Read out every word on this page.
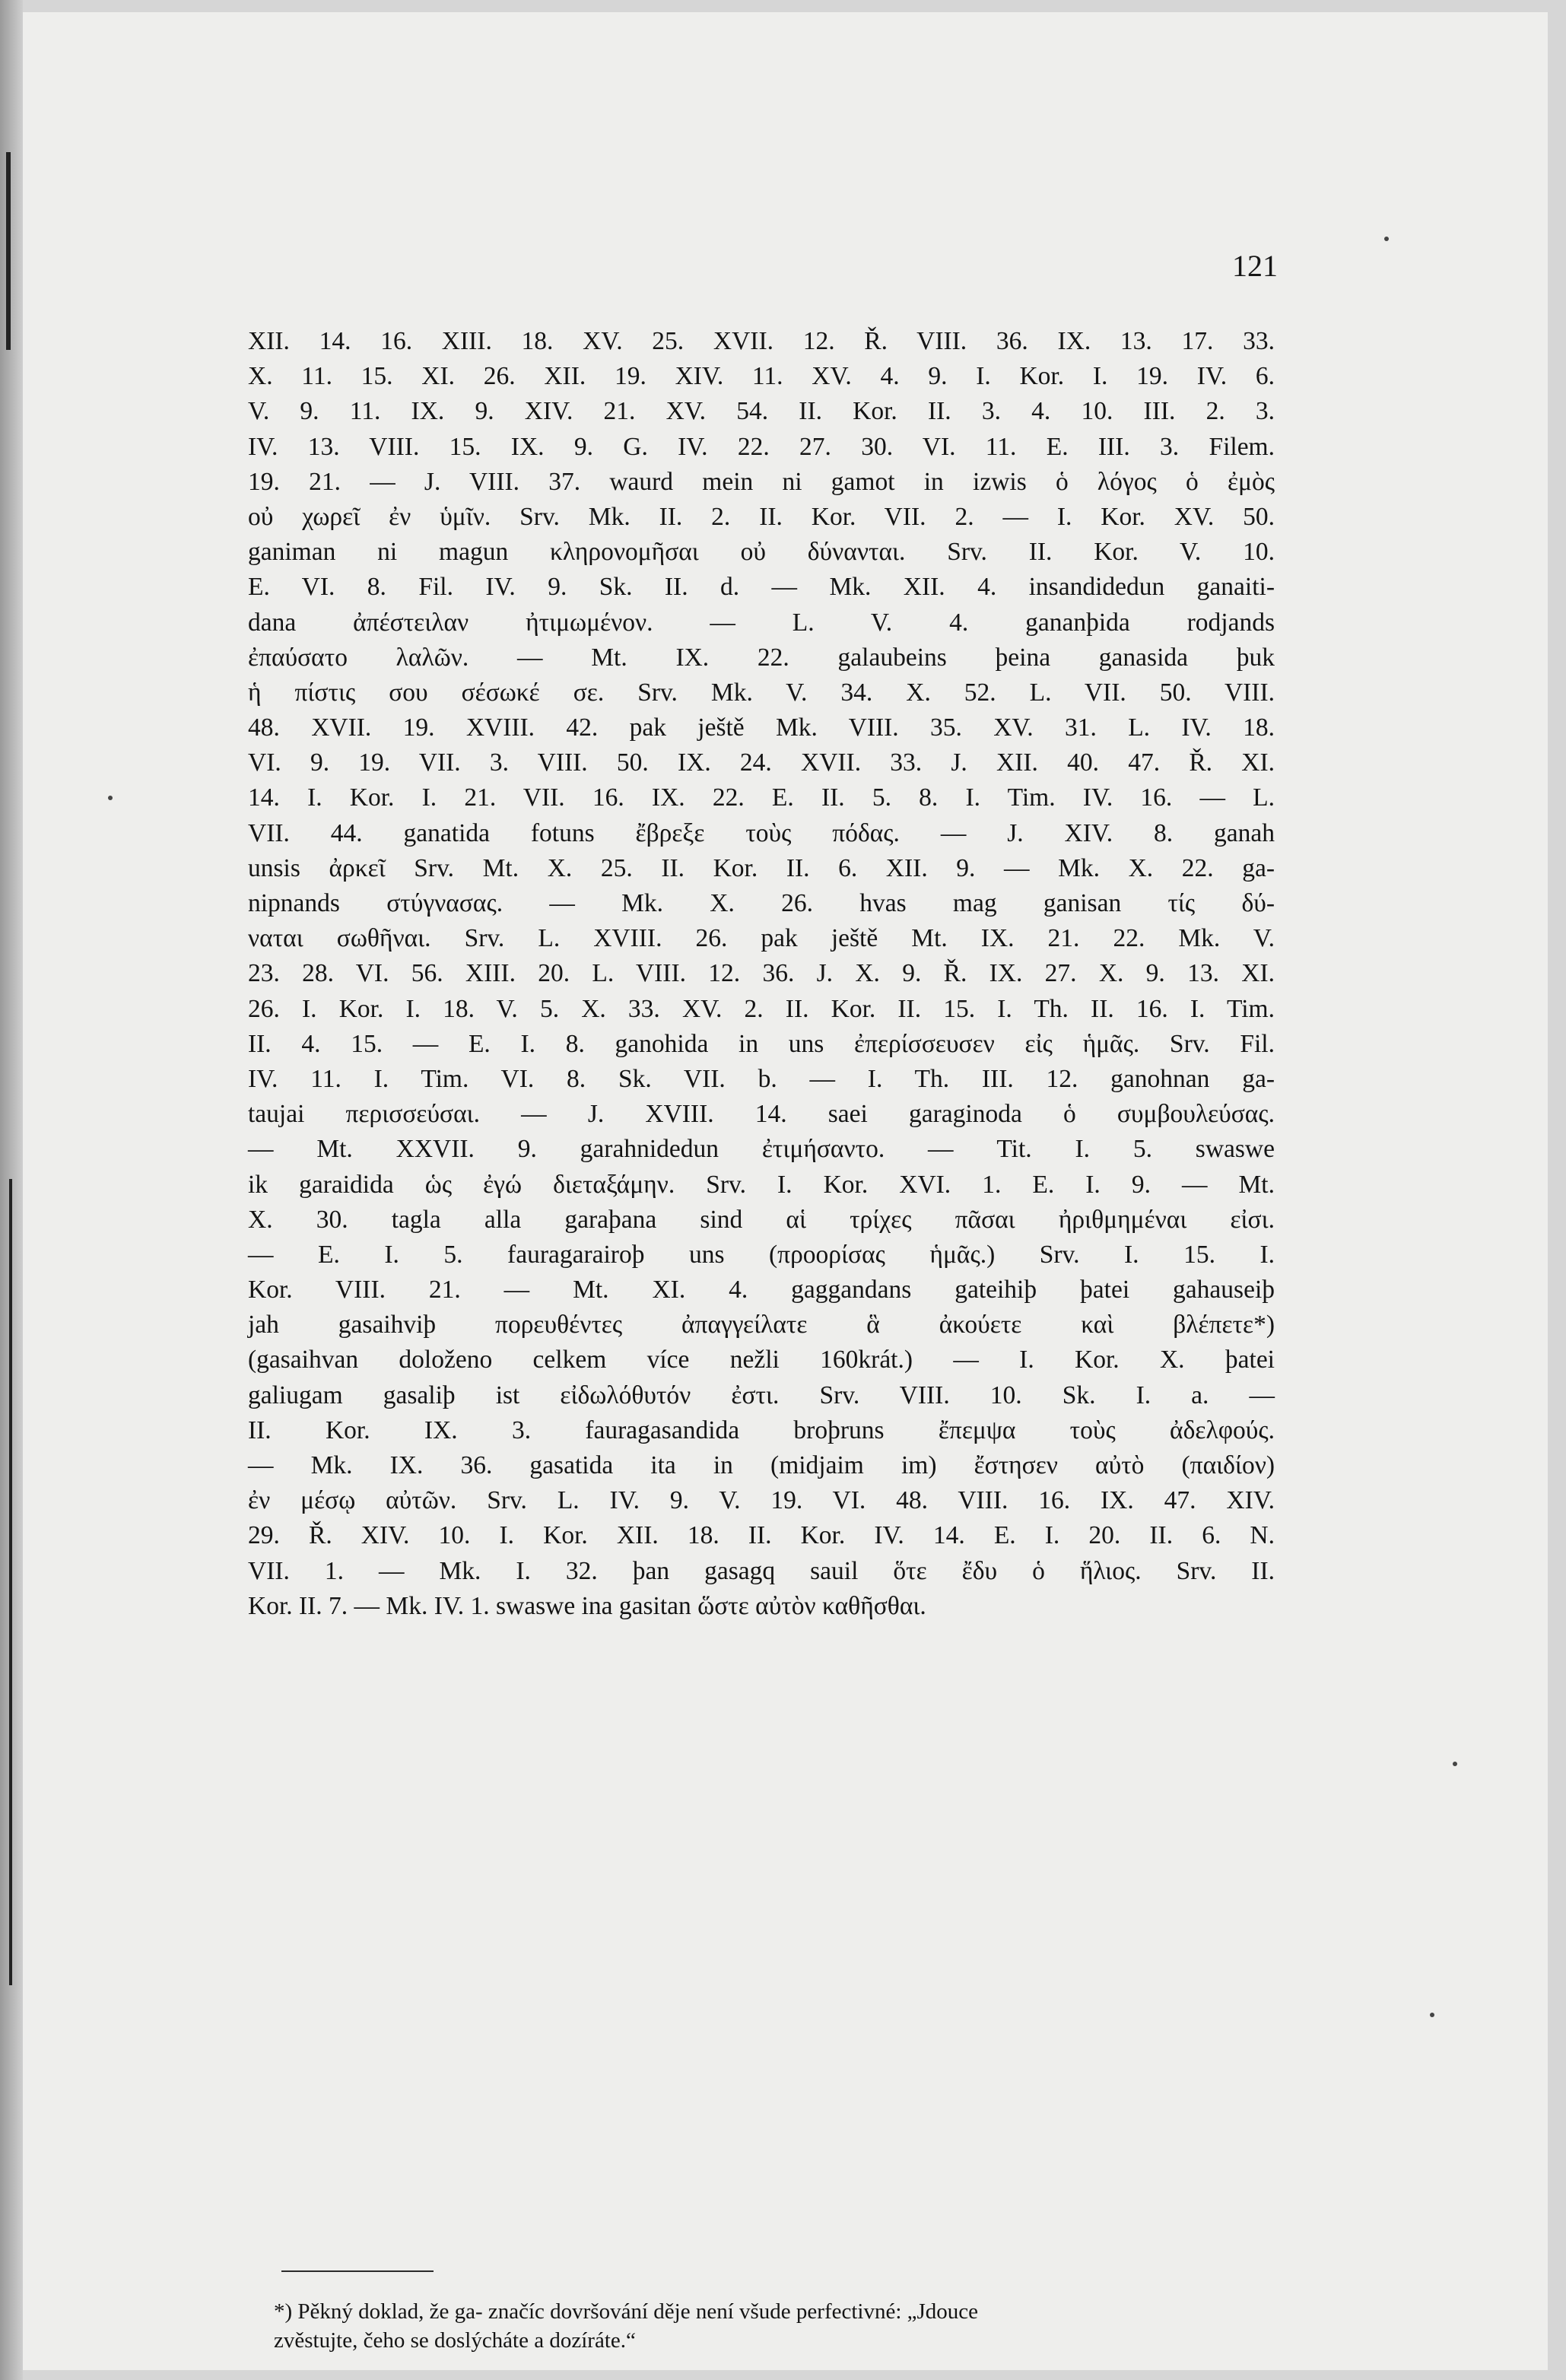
121
XII. 14. 16. XIII. 18. XV. 25. XVII. 12. Ř. VIII. 36. IX. 13. 17. 33.
X. 11. 15. XI. 26. XII. 19. XIV. 11. XV. 4. 9. I. Kor. I. 19. IV. 6.
V. 9. 11. IX. 9. XIV. 21. XV. 54. II. Kor. II. 3. 4. 10. III. 2. 3.
IV. 13. VIII. 15. IX. 9. G. IV. 22. 27. 30. VI. 11. E. III. 3. Filem.
19. 21. — J. VIII. 37. waurd mein ni gamot in izwis ὁ λόγος ὁ ἐμὸς
οὐ χωρεῖ ἐν ὑμῖν. Srv. Mk. II. 2. II. Kor. VII. 2. — I. Kor. XV. 50.
ganiman ni magun κληρονομῆσαι οὐ δύνανται. Srv. II. Kor. V. 10.
E. VI. 8. Fil. IV. 9. Sk. II. d. — Mk. XII. 4. insandidedun ganaiti-
dana ἀπέστειλαν ἠτιμωμένον. — L. V. 4. gananþida rodjands
ἐπαύσατο λαλῶν. — Mt. IX. 22. galaubeins þeina ganasida þuk
ἡ πίστις σου σέσωκέ σε. Srv. Mk. V. 34. X. 52. L. VII. 50. VIII.
48. XVII. 19. XVIII. 42. pak ještě Mk. VIII. 35. XV. 31. L. IV. 18.
VI. 9. 19. VII. 3. VIII. 50. IX. 24. XVII. 33. J. XII. 40. 47. Ř. XI.
14. I. Kor. I. 21. VII. 16. IX. 22. E. II. 5. 8. I. Tim. IV. 16. — L.
VII. 44. ganatida fotuns ἔβρεξε τοὺς πόδας. — J. XIV. 8. ganah
unsis ἀρκεῖ Srv. Mt. X. 25. II. Kor. II. 6. XII. 9. — Mk. X. 22. ga-
nipnands στύγνασας. — Mk. X. 26. hvas mag ganisan τίς δύ-
ναται σωθῆναι. Srv. L. XVIII. 26. pak ještě Mt. IX. 21. 22. Mk. V.
23. 28. VI. 56. XIII. 20. L. VIII. 12. 36. J. X. 9. Ř. IX. 27. X. 9. 13. XI.
26. I. Kor. I. 18. V. 5. X. 33. XV. 2. II. Kor. II. 15. I. Th. II. 16. I. Tim.
II. 4. 15. — E. I. 8. ganohida in uns ἐπερίσσευσεν εἰς ἡμᾶς. Srv. Fil.
IV. 11. I. Tim. VI. 8. Sk. VII. b. — I. Th. III. 12. ganohnan ga-
taujai περισσεύσαι. — J. XVIII. 14. saei garaginoda ὁ συμβουλεύσας.
— Mt. XXVII. 9. garahnidedun ἐτιμήσαντο. — Tit. I. 5. swaswe
ik garaidida ὡς ἐγώ διεταξάμην. Srv. I. Kor. XVI. 1. E. I. 9. — Mt.
X. 30. tagla alla garaþana sind αἱ τρίχες πᾶσαι ἠριθμημέναι εἰσι.
— E. I. 5. fauragarairoþ uns (προορίσας ἡμᾶς.) Srv. I. 15. I.
Kor. VIII. 21. — Mt. XI. 4. gaggandans gateihiþ þatei gahauseiþ
jah gasaihviþ πορευθέντες ἀπαγγείλατε ἃ ἀκούετε καὶ βλέπετε*)
(gasaihvan doloženo celkem více nežli 160krát.) — I. Kor. X. þatei
galiugam gasaliþ ist εἰδωλόθυτόν ἐστι. Srv. VIII. 10. Sk. I. a. —
II. Kor. IX. 3. fauragasandida broþruns ἔπεμψα τοὺς ἀδελφούς.
— Mk. IX. 36. gasatida ita in (midjaim im) ἔστησεν αὐτὸ (παιδίον)
ἐν μέσῳ αὐτῶν. Srv. L. IV. 9. V. 19. VI. 48. VIII. 16. IX. 47. XIV.
29. Ř. XIV. 10. I. Kor. XII. 18. II. Kor. IV. 14. E. I. 20. II. 6. N.
VII. 1. — Mk. I. 32. þan gasagq sauil ὅτε ἔδυ ὁ ἥλιος. Srv. II.
Kor. II. 7. — Mk. IV. 1. swaswe ina gasitan ὥστε αὐτὸν καθῆσθαι.
*) Pěkný doklad, že ga- značíc dovršování děje není všude perfectivné: „Jdouce
zvěstujte, čeho se doslýcháte a dozíráte.“
